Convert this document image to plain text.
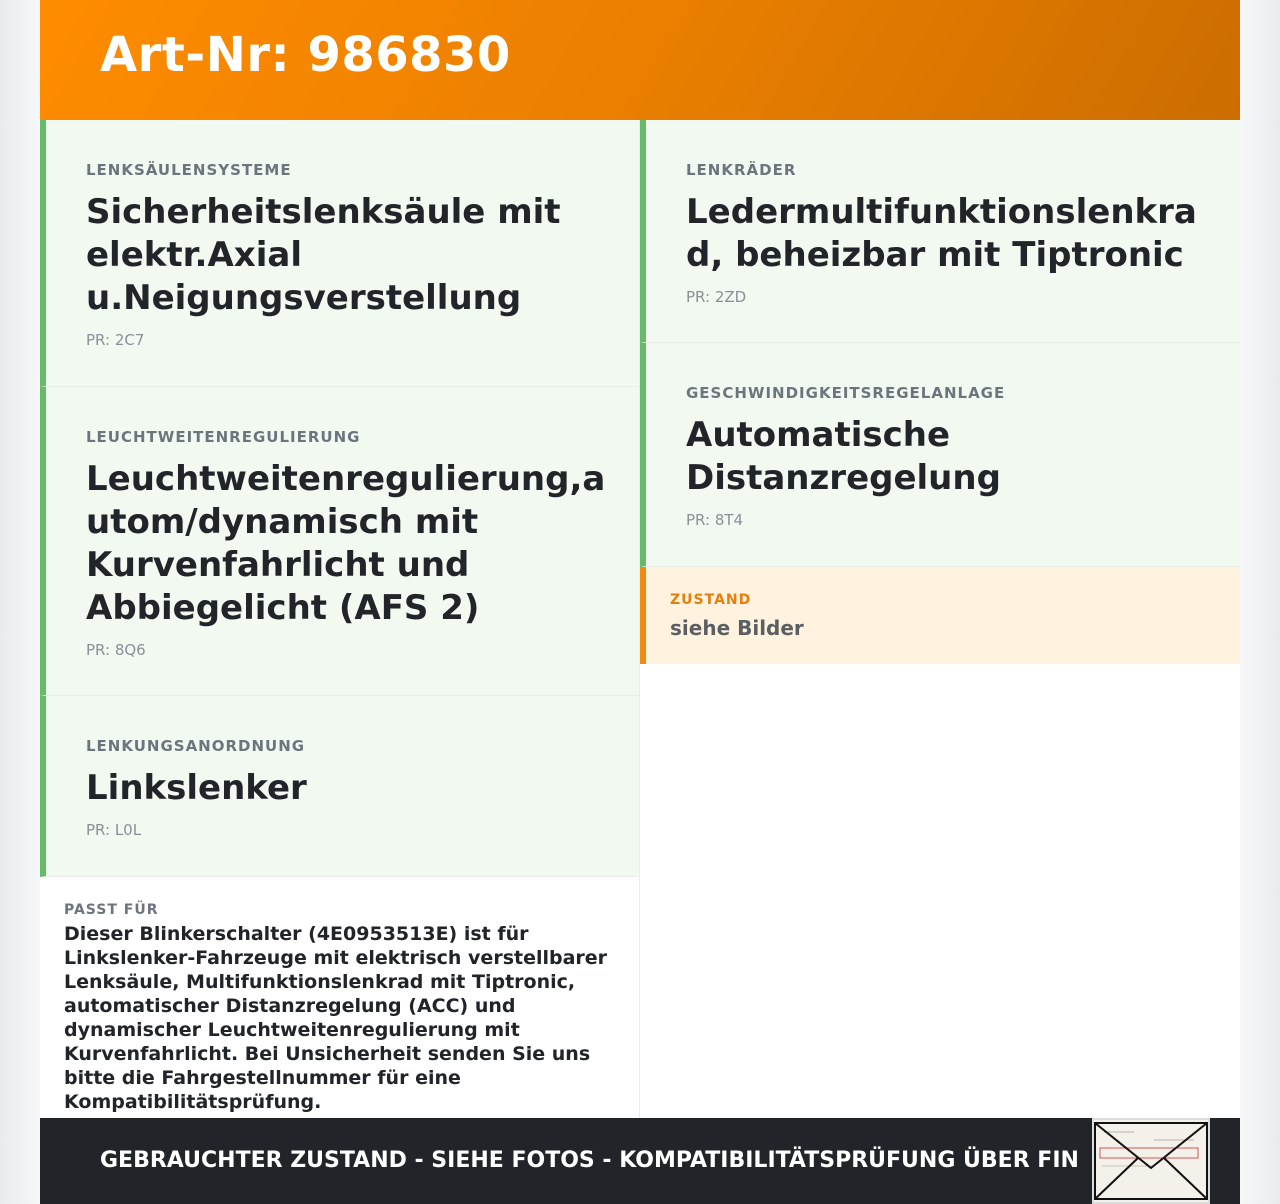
Art-Nr: 986830
LENKSÄULENSYSTEME
Sicherheitslenksäule mit elektr.Axial u.Neigungsverstellung
PR: 2C7
LEUCHTWEITENREGULIERUNG
Leuchtweitenregulierung,autom/dynamisch mit Kurvenfahrlicht und Abbiegelicht (AFS 2)
PR: 8Q6
LENKUNGSANORDNUNG
Linkslenker
PR: L0L
PASST FÜR
Dieser Blinkerschalter (4E0953513E) ist für Linkslenker-Fahrzeuge mit elektrisch verstellbarer Lenksäule, Multifunktionslenkrad mit Tiptronic, automatischer Distanzregelung (ACC) und dynamischer Leuchtweitenregulierung mit Kurvenfahrlicht. Bei Unsicherheit senden Sie uns bitte die Fahrgestellnummer für eine Kompatibilitätsprüfung.
LENKRÄDER
Ledermultifunktionslenkrad, beheizbar mit Tiptronic
PR: 2ZD
GESCHWINDIGKEITSREGELANLAGE
Automatische Distanzregelung
PR: 8T4
ZUSTAND
siehe Bilder
GEBRAUCHTER ZUSTAND - SIEHE FOTOS - KOMPATIBILITÄTSPRÜFUNG ÜBER FIN
